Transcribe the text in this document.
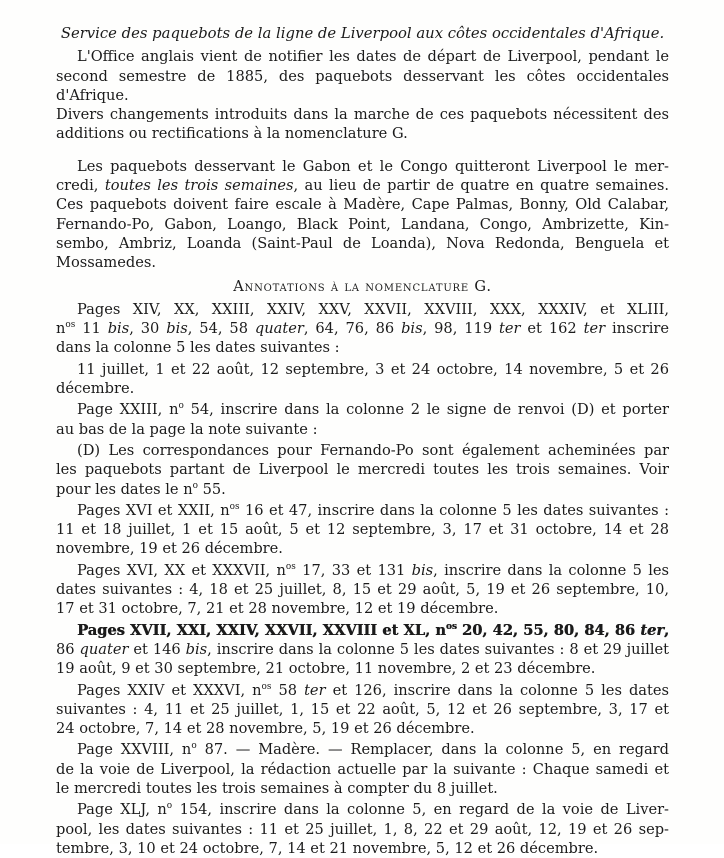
Service des paquebots de la ligne de Liverpool aux côtes occidentales d'Afrique.
L'Office anglais vient de notifier les dates de départ de Liverpool, pendant le
second semestre de 1885, des paquebots desservant les côtes occidentales d'Afrique.
Divers changements introduits dans la marche de ces paquebots nécessitent des
additions ou rectifications à la nomenclature G.
Les paquebots desservant le Gabon et le Congo quitteront Liverpool le mer-
credi, toutes les trois semaines, au lieu de partir de quatre en quatre semaines.
Ces paquebots doivent faire escale à Madère, Cape Palmas, Bonny, Old Calabar,
Fernando-Po, Gabon, Loango, Black Point, Landana, Congo, Ambrizette, Kin-
sembo, Ambriz, Loanda (Saint-Paul de Loanda), Nova Redonda, Benguela et
Mossamedes.
Annotations à la nomenclature G.
Pages XIV, XX, XXIII, XXIV, XXV, XXVII, XXVIII, XXX, XXXIV, et XLIII,
$n^{os}$ 11 bis, 30 bis, 54, 58 quater, 64, 76, 86 bis, 98, 119 ter et 162 ter inscrire
dans la colonne 5 les dates suivantes :
11 juillet, 1 et 22 août, 12 septembre, 3 et 24 octobre, 14 novembre, 5 et 26
décembre.
Page XXIII, $n^o$ 54, inscrire dans la colonne 2 le signe de renvoi (D) et porter
au bas de la page la note suivante :
(D) Les correspondances pour Fernando-Po sont également acheminées par
les paquebots partant de Liverpool le mercredi toutes les trois semaines. Voir
pour les dates le $n^o$ 55.
Pages XVI et XXII, $n^{os}$ 16 et 47, inscrire dans la colonne 5 les dates suivantes :
11 et 18 juillet, 1 et 15 août, 5 et 12 septembre, 3, 17 et 31 octobre, 14 et 28
novembre, 19 et 26 décembre.
Pages XVI, XX et XXXVII, $n^{os}$ 17, 33 et 131 bis, inscrire dans la colonne 5 les
dates suivantes : 4, 18 et 25 juillet, 8, 15 et 29 août, 5, 19 et 26 septembre, 10,
17 et 31 octobre, 7, 21 et 28 novembre, 12 et 19 décembre.
Pages XVII, XXI, XXIV, XXVII, XXVIII et XL, $n^{os}$ 20, 42, 55, 80, 84, 86 ter,
86 quater et 146 bis, inscrire dans la colonne 5 les dates suivantes : 8 et 29 juillet
19 août, 9 et 30 septembre, 21 octobre, 11 novembre, 2 et 23 décembre.
Pages XXIV et XXXVI, $n^{os}$ 58 ter et 126, inscrire dans la colonne 5 les dates
suivantes : 4, 11 et 25 juillet, 1, 15 et 22 août, 5, 12 et 26 septembre, 3, 17 et
24 octobre, 7, 14 et 28 novembre, 5, 19 et 26 décembre.
Page XXVIII, $n^o$ 87. — Madère. — Remplacer, dans la colonne 5, en regard
de la voie de Liverpool, la rédaction actuelle par la suivante : Chaque samedi et
le mercredi toutes les trois semaines à compter du 8 juillet.
Page XLJ, $n^o$ 154, inscrire dans la colonne 5, en regard de la voie de Liver-
pool, les dates suivantes : 11 et 25 juillet, 1, 8, 22 et 29 août, 12, 19 et 26 sep-
tembre, 3, 10 et 24 octobre, 7, 14 et 21 novembre, 5, 12 et 26 décembre.
